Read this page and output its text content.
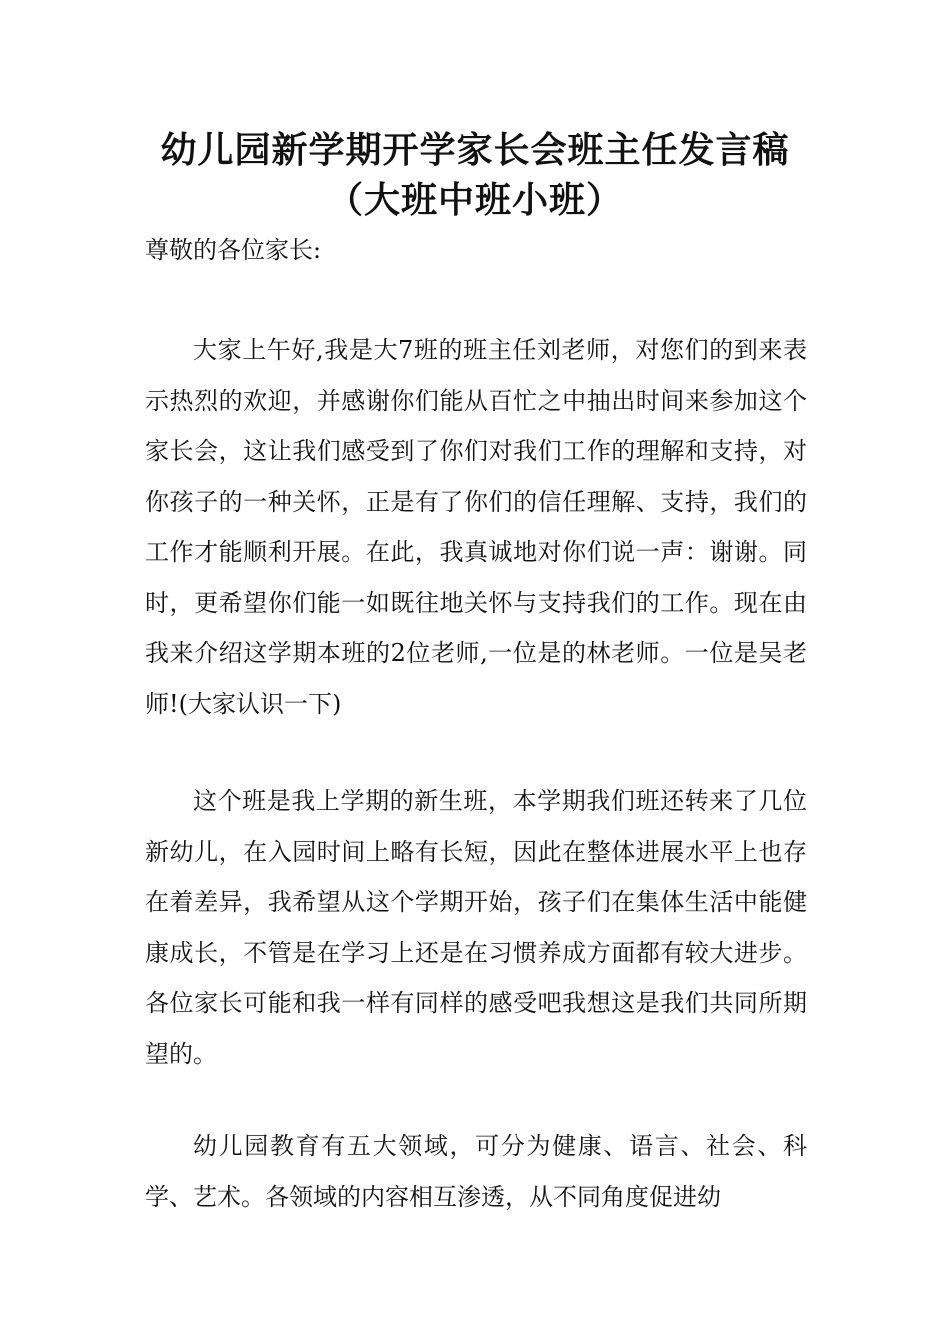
幼儿园新学期开学家长会班主任发言稿
（大班中班小班）

尊敬的各位家长:

大家上午好,我是大7班的班主任刘老师，对您们的到来表示热烈的欢迎，并感谢你们能从百忙之中抽出时间来参加这个家长会，这让我们感受到了你们对我们工作的理解和支持，对你孩子的一种关怀，正是有了你们的信任理解、支持，我们的工作才能顺利开展。在此，我真诚地对你们说一声：谢谢。同时，更希望你们能一如既往地关怀与支持我们的工作。现在由我来介绍这学期本班的2位老师,一位是的林老师。一位是吴老师!(大家认识一下)

这个班是我上学期的新生班，本学期我们班还转来了几位新幼儿，在入园时间上略有长短，因此在整体进展水平上也存在着差异，我希望从这个学期开始，孩子们在集体生活中能健康成长，不管是在学习上还是在习惯养成方面都有较大进步。各位家长可能和我一样有同样的感受吧我想这是我们共同所期望的。

幼儿园教育有五大领域，可分为健康、语言、社会、科学、艺术。各领域的内容相互渗透，从不同角度促进幼
